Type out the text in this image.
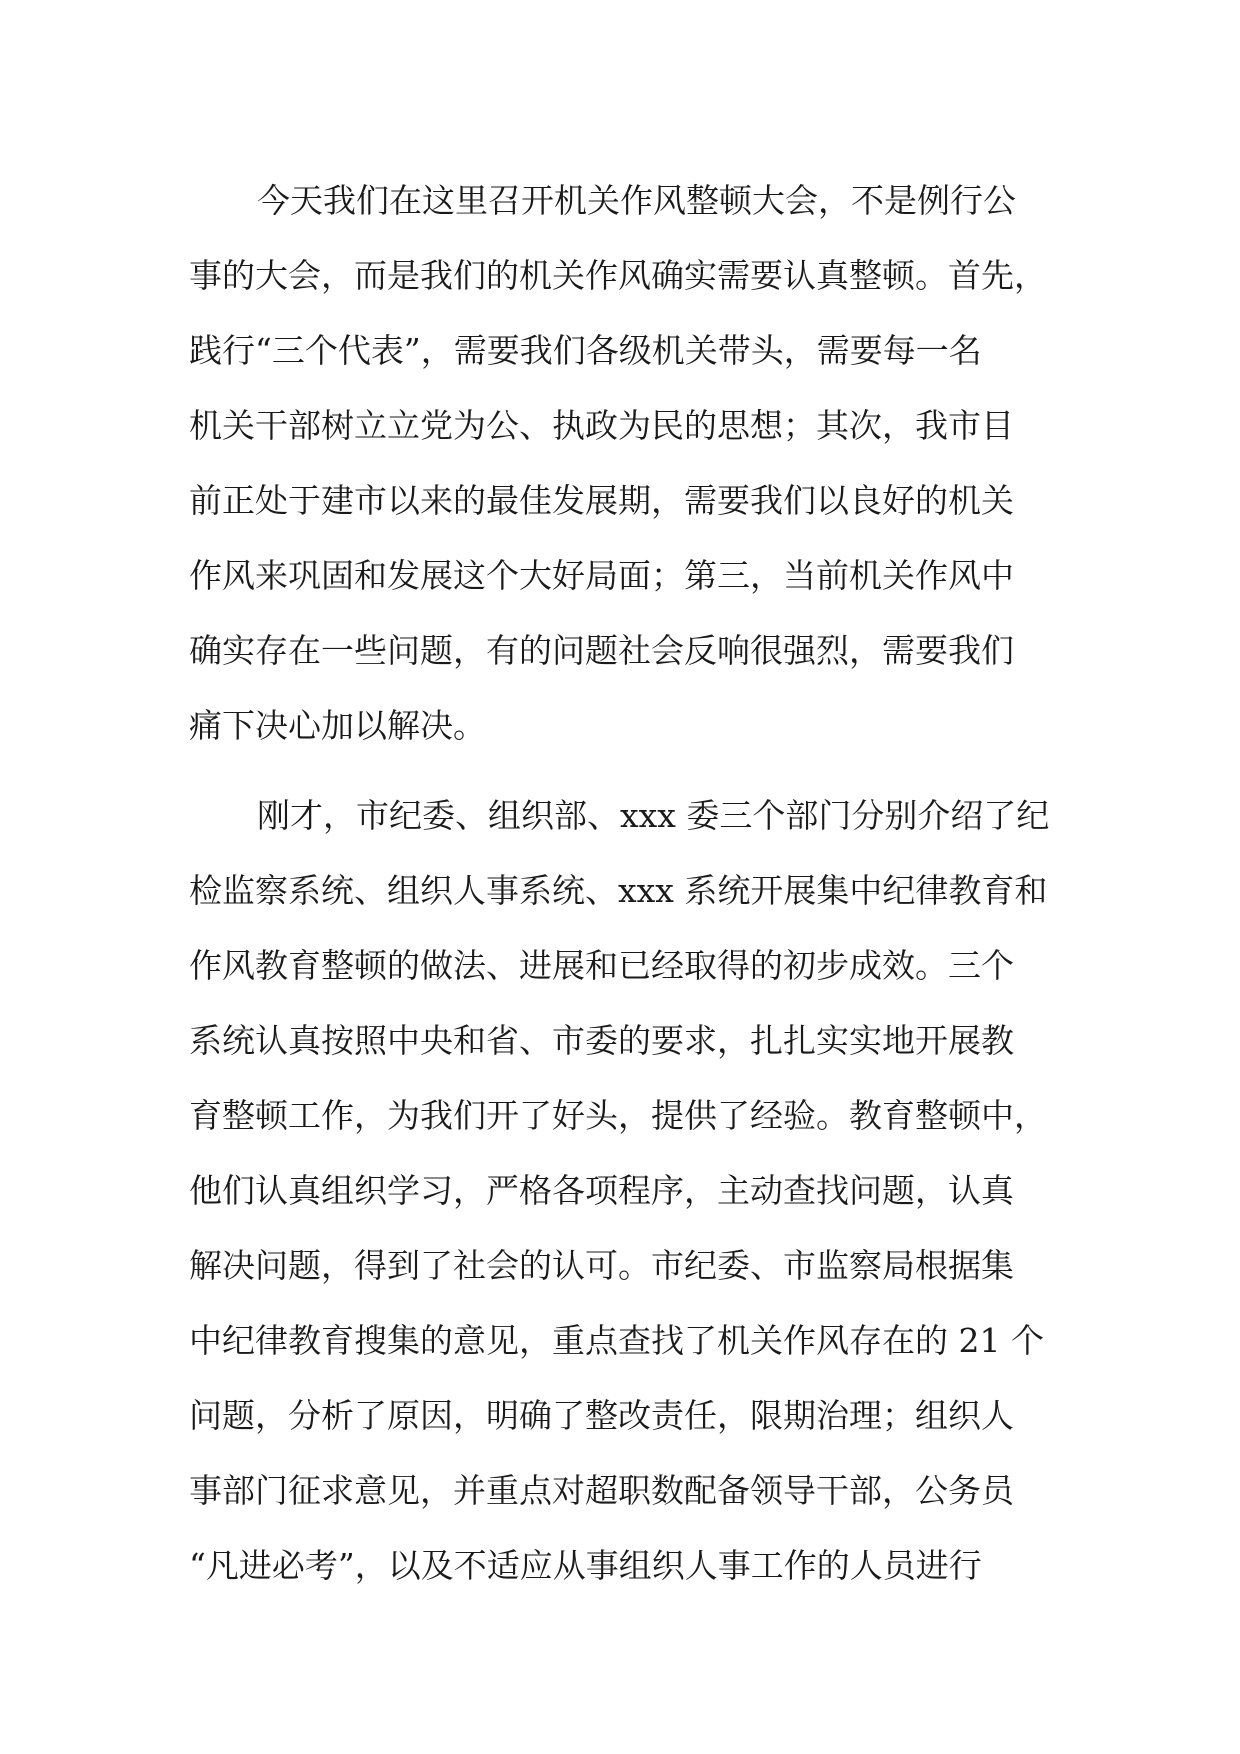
今天我们在这里召开机关作风整顿大会，不是例行公
事的大会，而是我们的机关作风确实需要认真整顿。首先，
践行“三个代表”，需要我们各级机关带头，需要每一名
机关干部树立立党为公、执政为民的思想；其次，我市目
前正处于建市以来的最佳发展期，需要我们以良好的机关
作风来巩固和发展这个大好局面；第三，当前机关作风中
确实存在一些问题，有的问题社会反响很强烈，需要我们
痛下决心加以解决。

刚才，市纪委、组织部、xxx 委三个部门分别介绍了纪
检监察系统、组织人事系统、xxx 系统开展集中纪律教育和
作风教育整顿的做法、进展和已经取得的初步成效。三个
系统认真按照中央和省、市委的要求，扎扎实实地开展教
育整顿工作，为我们开了好头，提供了经验。教育整顿中，
他们认真组织学习，严格各项程序，主动查找问题，认真
解决问题，得到了社会的认可。市纪委、市监察局根据集
中纪律教育搜集的意见，重点查找了机关作风存在的 21 个
问题，分析了原因，明确了整改责任，限期治理；组织人
事部门征求意见，并重点对超职数配备领导干部，公务员
“凡进必考”，以及不适应从事组织人事工作的人员进行
